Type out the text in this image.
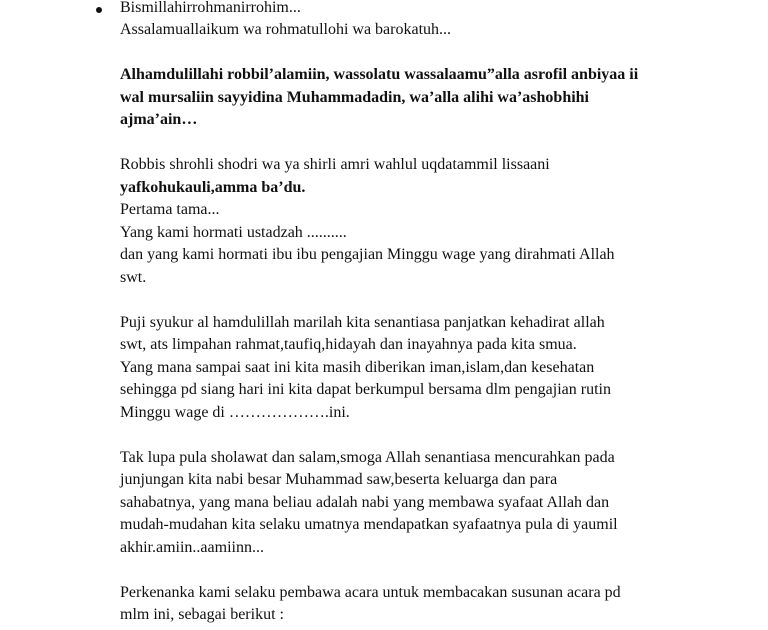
Bismillahirrohmanirrohim...
Assalamuallaikum wa rohmatullohi wa barokatuh...
Alhamdulillahi robbil’alamiin, wassolatu wassalaamu”alla asrofil anbiyaa ii
wal mursaliin sayyidina Muhammadadin, wa’alla alihi wa’ashobhihi
ajma’ain…
Robbis shrohli shodri wa ya shirli amri wahlul uqdatammil lissaani
yafkohukauli,amma ba’du.
Pertama tama...
Yang kami hormati ustadzah ..........
dan yang kami hormati ibu ibu pengajian Minggu wage yang dirahmati Allah
swt.
Puji syukur al hamdulillah marilah kita senantiasa panjatkan kehadirat allah
swt, ats limpahan rahmat,taufiq,hidayah dan inayahnya pada kita smua.
Yang mana sampai saat ini kita masih diberikan iman,islam,dan kesehatan
sehingga pd siang hari ini kita dapat berkumpul bersama dlm pengajian rutin
Minggu wage di ……………….ini.
Tak lupa pula sholawat dan salam,smoga Allah senantiasa mencurahkan pada
junjungan kita nabi besar Muhammad saw,beserta keluarga dan para
sahabatnya, yang mana beliau adalah nabi yang membawa syafaat Allah dan
mudah-mudahan kita selaku umatnya mendapatkan syafaatnya pula di yaumil
akhir.amiin..aamiinn...
Perkenanka kami selaku pembawa acara untuk membacakan susunan acara pd
mlm ini, sebagai berikut :
